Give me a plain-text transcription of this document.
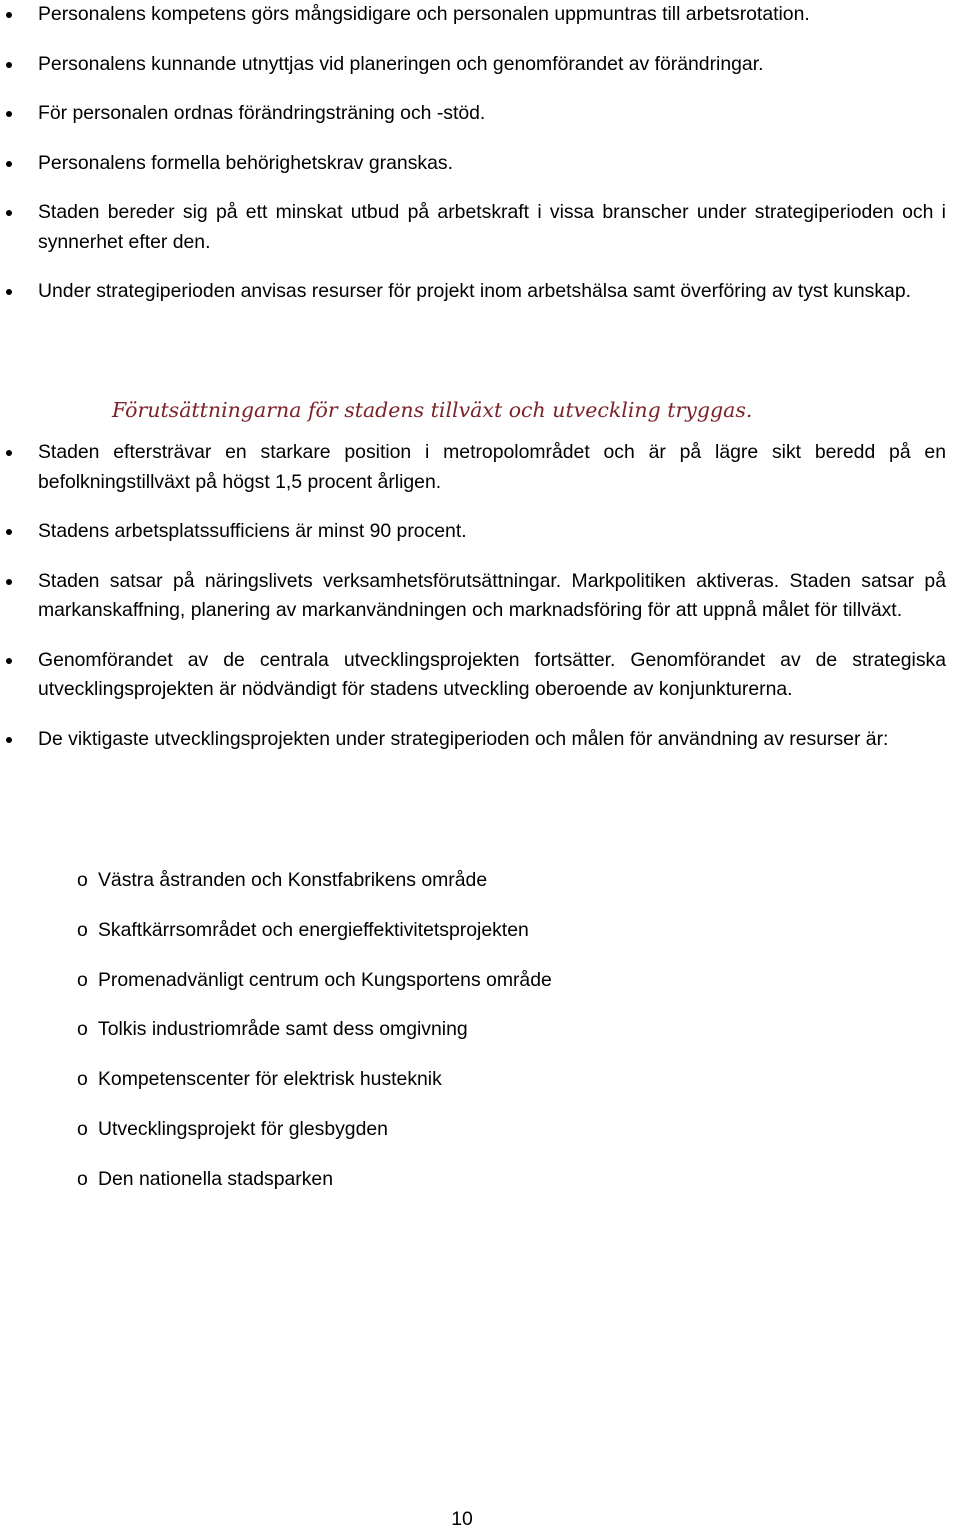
Personalens kompetens görs mångsidigare och personalen uppmuntras till arbetsrotation.
Personalens kunnande utnyttjas vid planeringen och genomförandet av förändringar.
För personalen ordnas förändringsträning och -stöd.
Personalens formella behörighetskrav granskas.
Staden bereder sig på ett minskat utbud på arbetskraft i vissa branscher under strategiperioden och i synnerhet efter den.
Under strategiperioden anvisas resurser för projekt inom arbetshälsa samt överföring av tyst kunskap.
Förutsättningarna för stadens tillväxt och utveckling tryggas.
Staden eftersträvar en starkare position i metropolområdet och är på lägre sikt beredd på en befolkningstillväxt på högst 1,5 procent årligen.
Stadens arbetsplatssufficiens är minst 90 procent.
Staden satsar på näringslivets verksamhetsförutsättningar. Markpolitiken aktiveras. Staden satsar på markanskaffning, planering av markanvändningen och marknadsföring för att uppnå målet för tillväxt.
Genomförandet av de centrala utvecklingsprojekten fortsätter. Genomförandet av de strategiska utvecklingsprojekten är nödvändigt för stadens utveckling oberoende av konjunkturerna.
De viktigaste utvecklingsprojekten under strategiperioden och målen för användning av resurser är:
o Västra åstranden och Konstfabrikens område
o Skaftkärrsområdet och energieffektivitetsprojekten
o Promenadvänligt centrum och Kungsportens område
o Tolkis industriområde samt dess omgivning
o Kompetenscenter för elektrisk husteknik
o Utvecklingsprojekt för glesbygden
o Den nationella stadsparken
10
